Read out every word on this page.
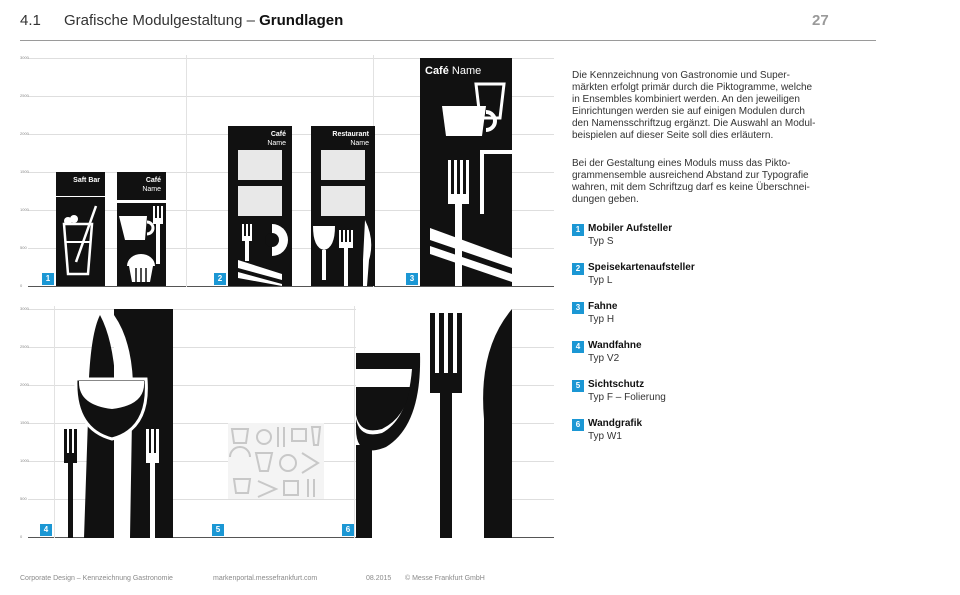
4.1 Grafische Modulgestaltung – Grundlagen	27
3000
2500
2000
1500
1000
500
0
Saft Bar	Café
Name
Café
Name
Restaurant
Name
Café Name
1	2	3
3000
2500
2000
1500
1000
500
0
4	5	6
Die Kennzeichnung von Gastronomie und Super-
märkten erfolgt primär durch die Piktogramme, welche
in Ensembles kombiniert werden. An den jeweiligen
Einrichtungen werden sie auf einigen Modulen durch
den Namensschriftzug ergänzt. Die Auswahl an Modul-
beispielen auf dieser Seite soll dies erläutern.
Bei der Gestaltung eines Moduls muss das Pikto-
grammensemble ausreichend Abstand zur Typografie
wahren, mit dem Schriftzug darf es keine Überschnei-
dungen geben.
1 Mobiler Aufsteller
Typ S
2 Speisekartenaufsteller
Typ L
3 Fahne
Typ H
4 Wandfahne
Typ V2
5 Sichtschutz
Typ F – Folierung
6 Wandgrafik
Typ W1
Corporate Design – Kennzeichnung Gastronomie	markenportal.messefrankfurt.com	08.2015 © Messe Frankfurt GmbH
